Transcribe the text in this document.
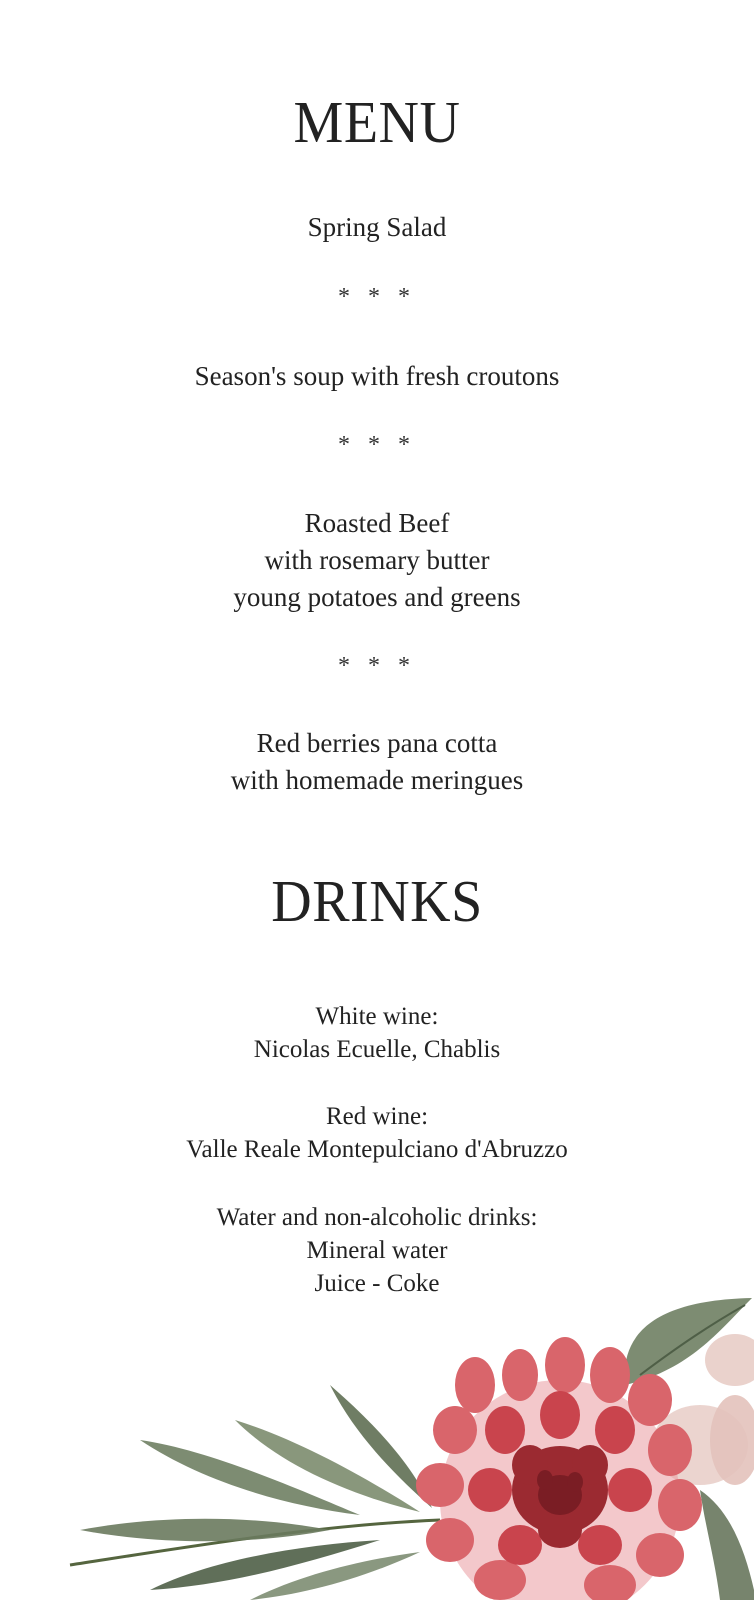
MENU
Spring Salad
* * *
Season's soup with fresh croutons
* * *
Roasted Beef
with rosemary butter
young potatoes and greens
* * *
Red berries pana cotta
with homemade meringues
DRINKS
White wine:
Nicolas Ecuelle, Chablis
Red wine:
Valle Reale Montepulciano d'Abruzzo
Water and non-alcoholic drinks:
Mineral water
Juice - Coke
